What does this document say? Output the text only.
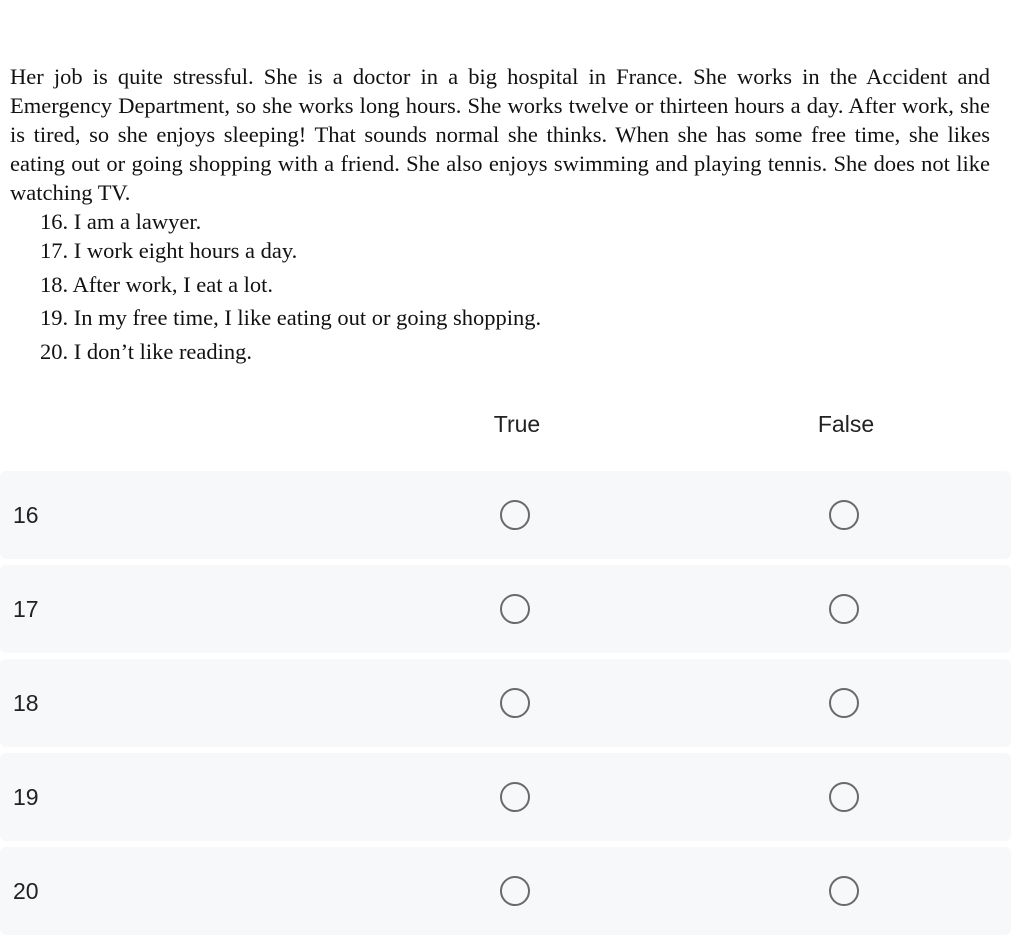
Her job is quite stressful. She is a doctor in a big hospital in France. She works in the Accident and Emergency Department, so she works long hours. She works twelve or thirteen hours a day. After work, she is tired, so she enjoys sleeping! That sounds normal she thinks. When she has some free time, she likes eating out or going shopping with a friend. She also enjoys swimming and playing tennis. She does not like watching TV.

16. I am a lawyer.
17. I work eight hours a day.
18. After work, I eat a lot.
19. In my free time, I like eating out or going shopping.
20. I don’t like reading.
True	False
16
17
18
19
20
